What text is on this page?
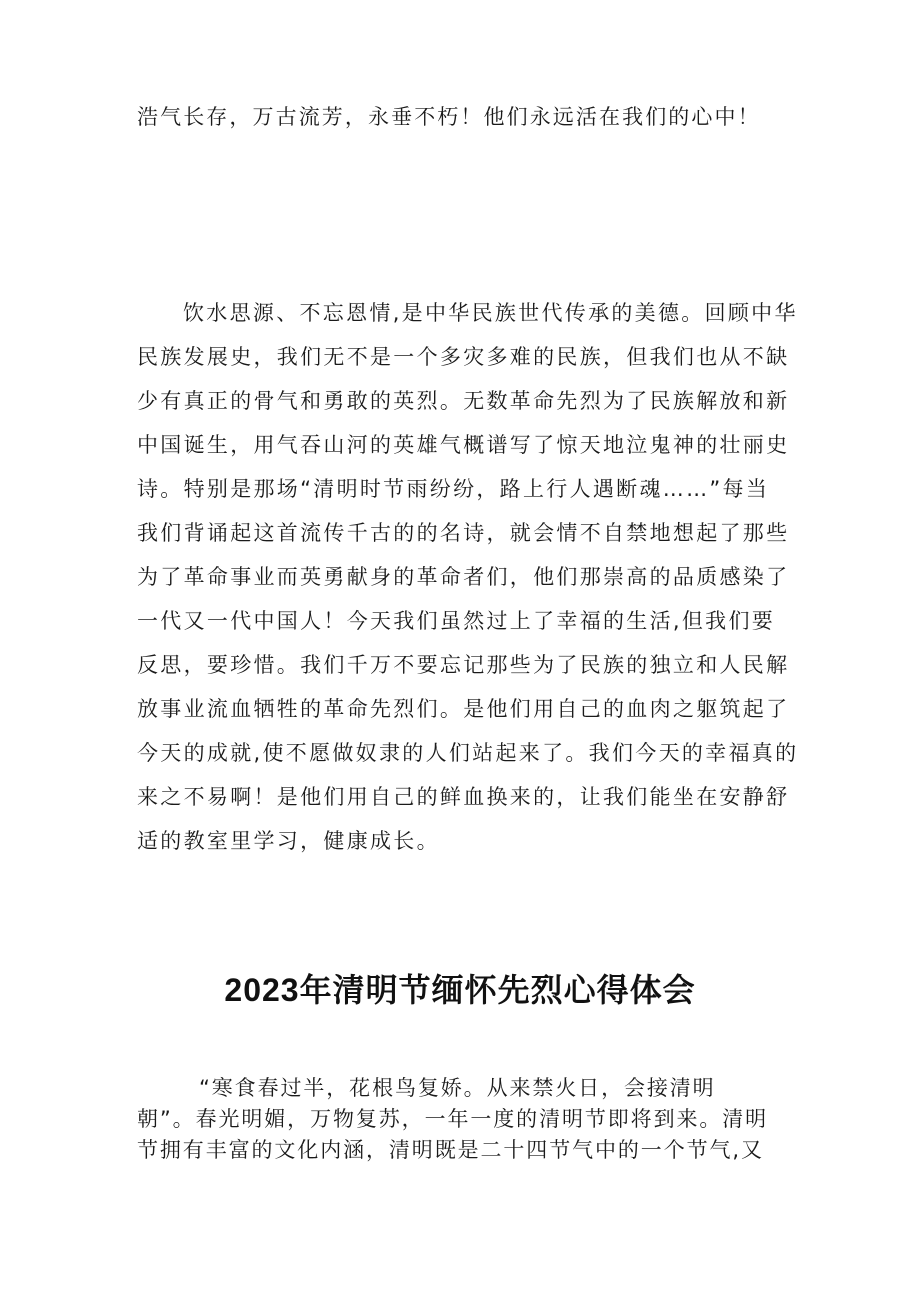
浩气长存，万古流芳，永垂不朽！他们永远活在我们的心中！

饮水思源、不忘恩情,是中华民族世代传承的美德。回顾中华
民族发展史，我们无不是一个多灾多难的民族，但我们也从不缺
少有真正的骨气和勇敢的英烈。无数革命先烈为了民族解放和新
中国诞生，用气吞山河的英雄气概谱写了惊天地泣鬼神的壮丽史
诗。特别是那场“清明时节雨纷纷，路上行人遇断魂……”每当
我们背诵起这首流传千古的的名诗，就会情不自禁地想起了那些
为了革命事业而英勇献身的革命者们，他们那崇高的品质感染了
一代又一代中国人！今天我们虽然过上了幸福的生活,但我们要
反思，要珍惜。我们千万不要忘记那些为了民族的独立和人民解
放事业流血牺牲的革命先烈们。是他们用自己的血肉之躯筑起了
今天的成就,使不愿做奴隶的人们站起来了。我们今天的幸福真的
来之不易啊！是他们用自己的鲜血换来的，让我们能坐在安静舒
适的教室里学习，健康成长。
2023年清明节缅怀先烈心得体会
“寒食春过半，花根鸟复娇。从来禁火日，会接清明
朝”。春光明媚，万物复苏，一年一度的清明节即将到来。清明
节拥有丰富的文化内涵，清明既是二十四节气中的一个节气,又
